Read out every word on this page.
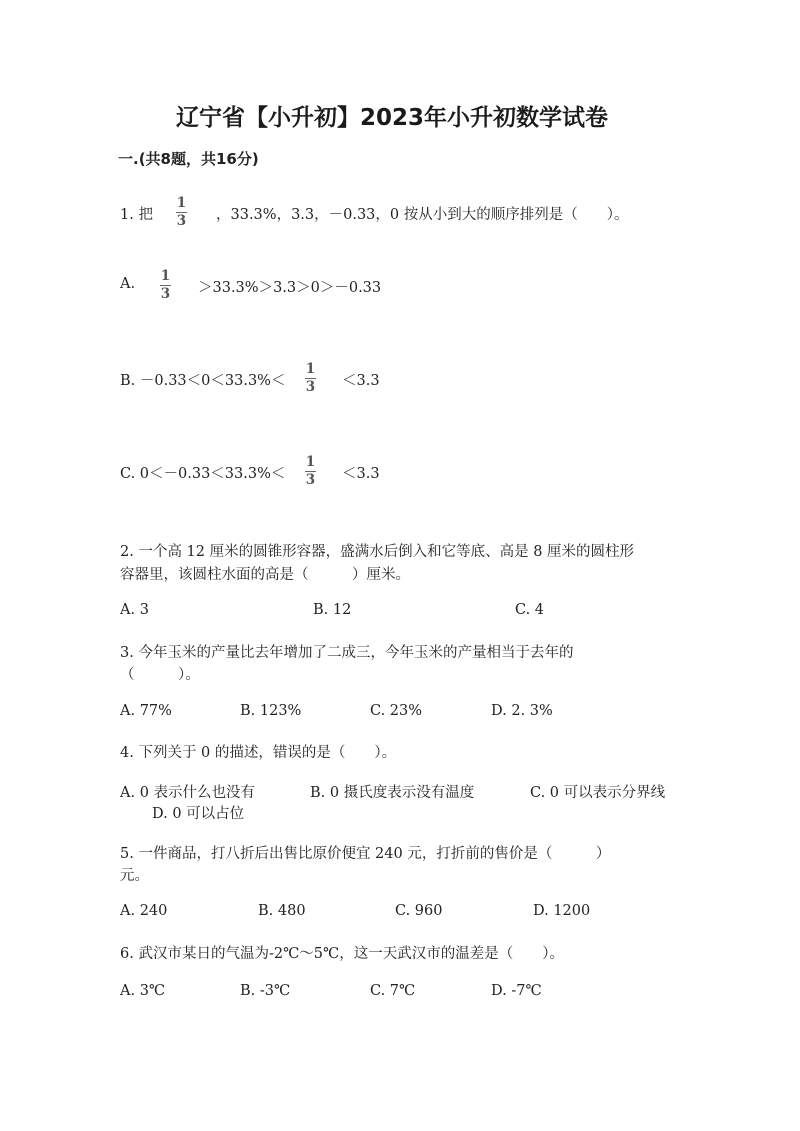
辽宁省【小升初】2023年小升初数学试卷
一.(共8题，共16分)
1. 把
1
3 ，33.3%，3.3，－0.33，0 按从小到大的顺序排列是（　　）。
A. 1
3 ＞33.3%＞3.3＞0＞－0.33
B. －0.33＜0＜33.3%＜
1
3 ＜3.3
C. 0＜－0.33＜33.3%＜
1
3 ＜3.3
2. 一个高 12 厘米的圆锥形容器，盛满水后倒入和它等底、高是 8 厘米的圆柱形
容器里，该圆柱水面的高是（　　　）厘米。
A. 3	B. 12	C. 4
3. 今年玉米的产量比去年增加了二成三，今年玉米的产量相当于去年的
（　　　）。
A. 77%	B. 123%	C. 23%	D. 2. 3%
4. 下列关于 0 的描述，错误的是（　　）。
A. 0 表示什么也没有	B. 0 摄氏度表示没有温度	C. 0 可以表示分界线
D. 0 可以占位
5. 一件商品，打八折后出售比原价便宜 240 元，打折前的售价是（　　　）
元。
A. 240	B. 480	C. 960	D. 1200
6. 武汉市某日的气温为-2℃～5℃，这一天武汉市的温差是（　　）。
A. 3℃	B. -3℃	C. 7℃	D. -7℃
